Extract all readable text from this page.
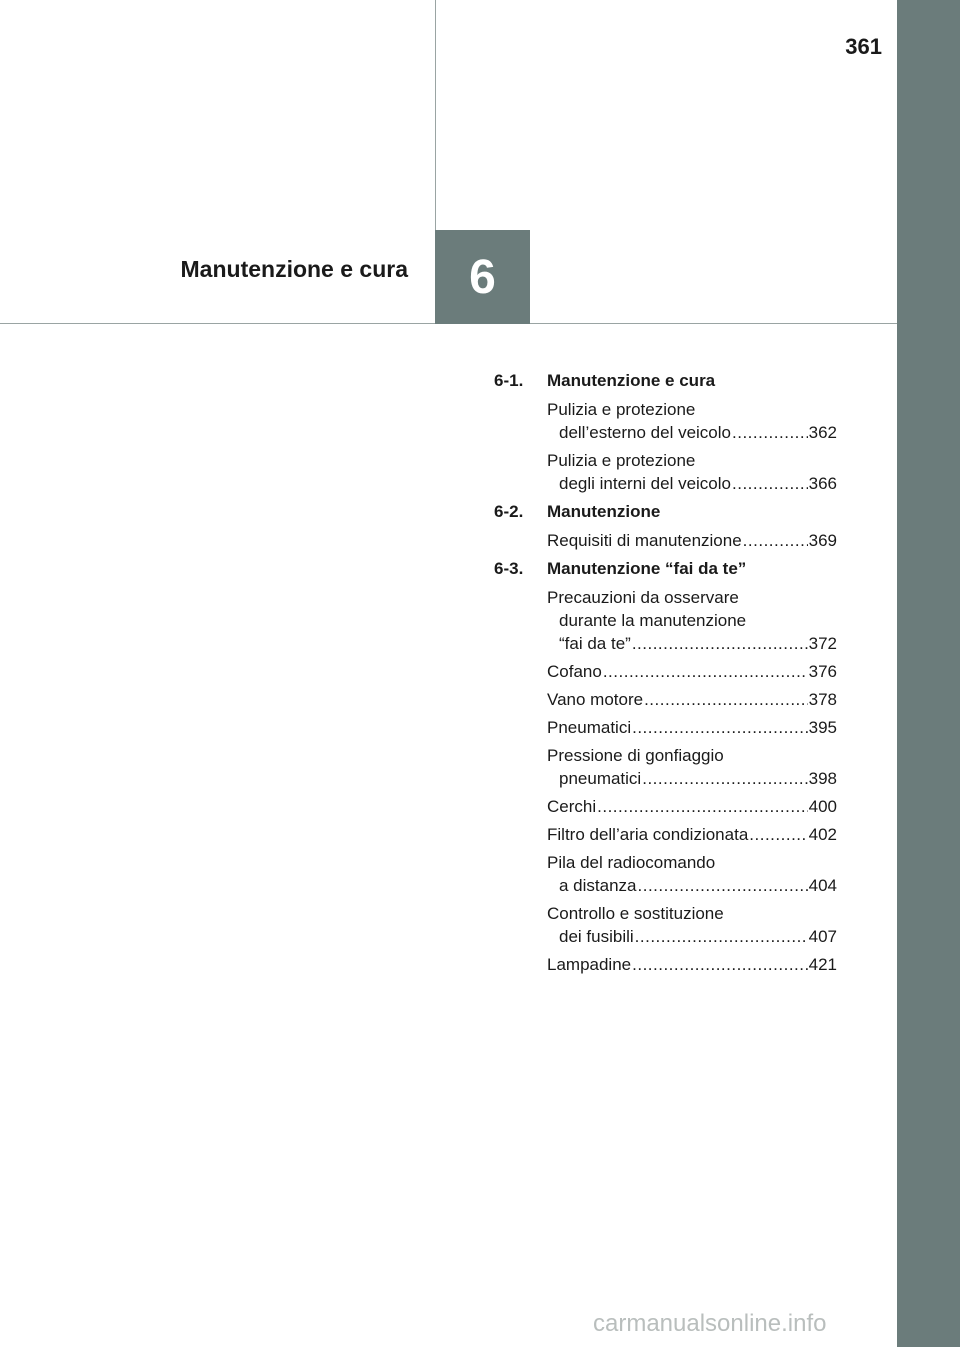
361
Manutenzione e cura 6
6-1.	Manutenzione e cura
Pulizia e protezione
dell’esterno del veicolo .....	362
Pulizia e protezione
degli interni del veicolo .....	366
6-2.	Manutenzione
Requisiti di manutenzione .....	369
6-3.	Manutenzione “fai da te”
Precauzioni da osservare
durante la manutenzione
“fai da te” .....	372
Cofano .....	376
Vano motore .....	378
Pneumatici .....	395
Pressione di gonfiaggio
pneumatici .....	398
Cerchi .....	400
Filtro dell’aria condizionata .....	402
Pila del radiocomando
a distanza .....	404
Controllo e sostituzione
dei fusibili .....	407
Lampadine .....	421
carmanualsonline.info
